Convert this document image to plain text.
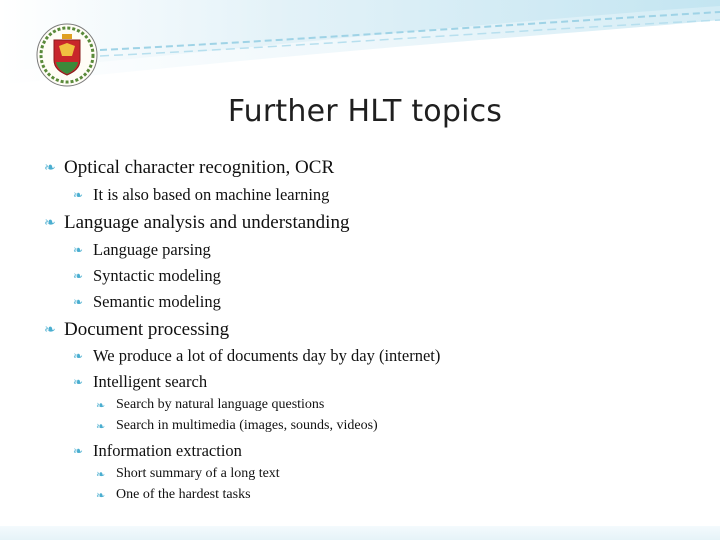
Further HLT topics
❧ Optical character recognition, OCR
❧ It is also based on machine learning
❧ Language analysis and understanding
❧ Language parsing
❧ Syntactic modeling
❧ Semantic modeling
❧ Document processing
❧ We produce a lot of documents day by day (internet)
❧ Intelligent search
❧ Search by natural language questions
❧ Search in multimedia (images, sounds, videos)
❧ Information extraction
❧ Short summary of a long text
❧ One of the hardest tasks
